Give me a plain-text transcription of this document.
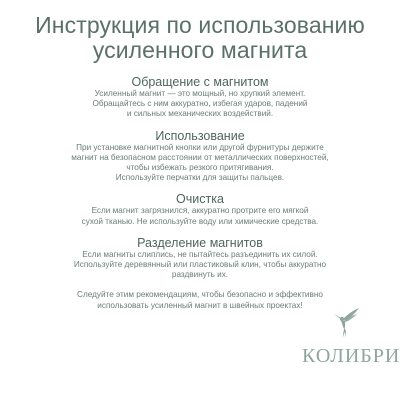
Инструкция по использованию
усиленного магнита
Обращение с магнитом

Усиленный магнит — это мощный, но хрупкий элемент.
Обращайтесь с ним аккуратно, избегая ударов, падений
и сильных механических воздействий.

Использование

При установке магнитной кнопки или другой фурнитуры держите
магнит на безопасном расстоянии от металлических поверхностей,
чтобы избежать резкого притягивания.
Используйте перчатки для защиты пальцев.

Очистка

Если магнит загрязнился, аккуратно протрите его мягкой
сухой тканью. Не используйте воду или химические средства.

Разделение магнитов

Если магниты слиплись, не пытайтесь разъединить их силой.
Используйте деревянный или пластиковый клин, чтобы аккуратно
раздвинуть их.

Следуйте этим рекомендациям, чтобы безопасно и эффективно
использовать усиленный магнит в швейных проектах!
КОЛИБРИ
